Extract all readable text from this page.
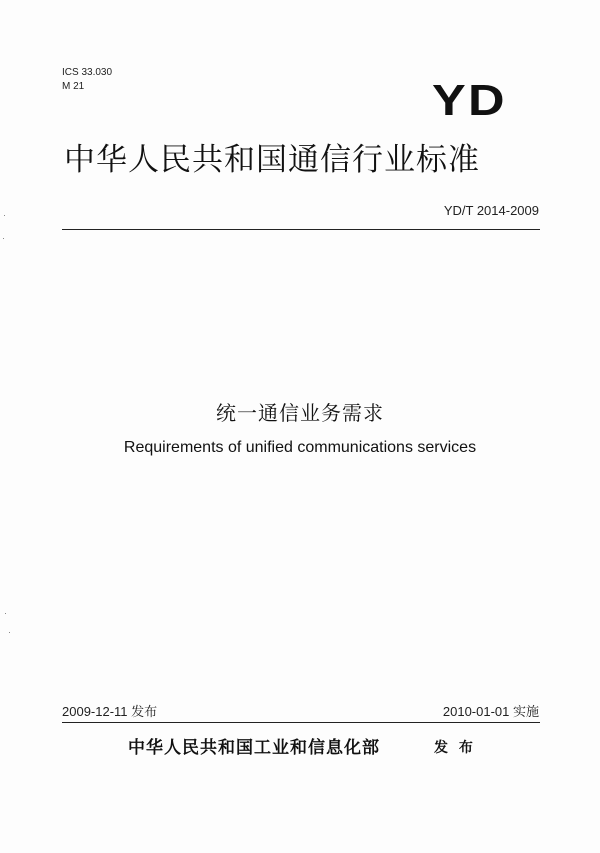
ICS 33.030
M 21	YD
中华人民共和国通信行业标准
YD/T 2014-2009
统一通信业务需求
Requirements of unified communications services
2009-12-11 发布	2010-01-01 实施
中华人民共和国工业和信息化部	发 布
